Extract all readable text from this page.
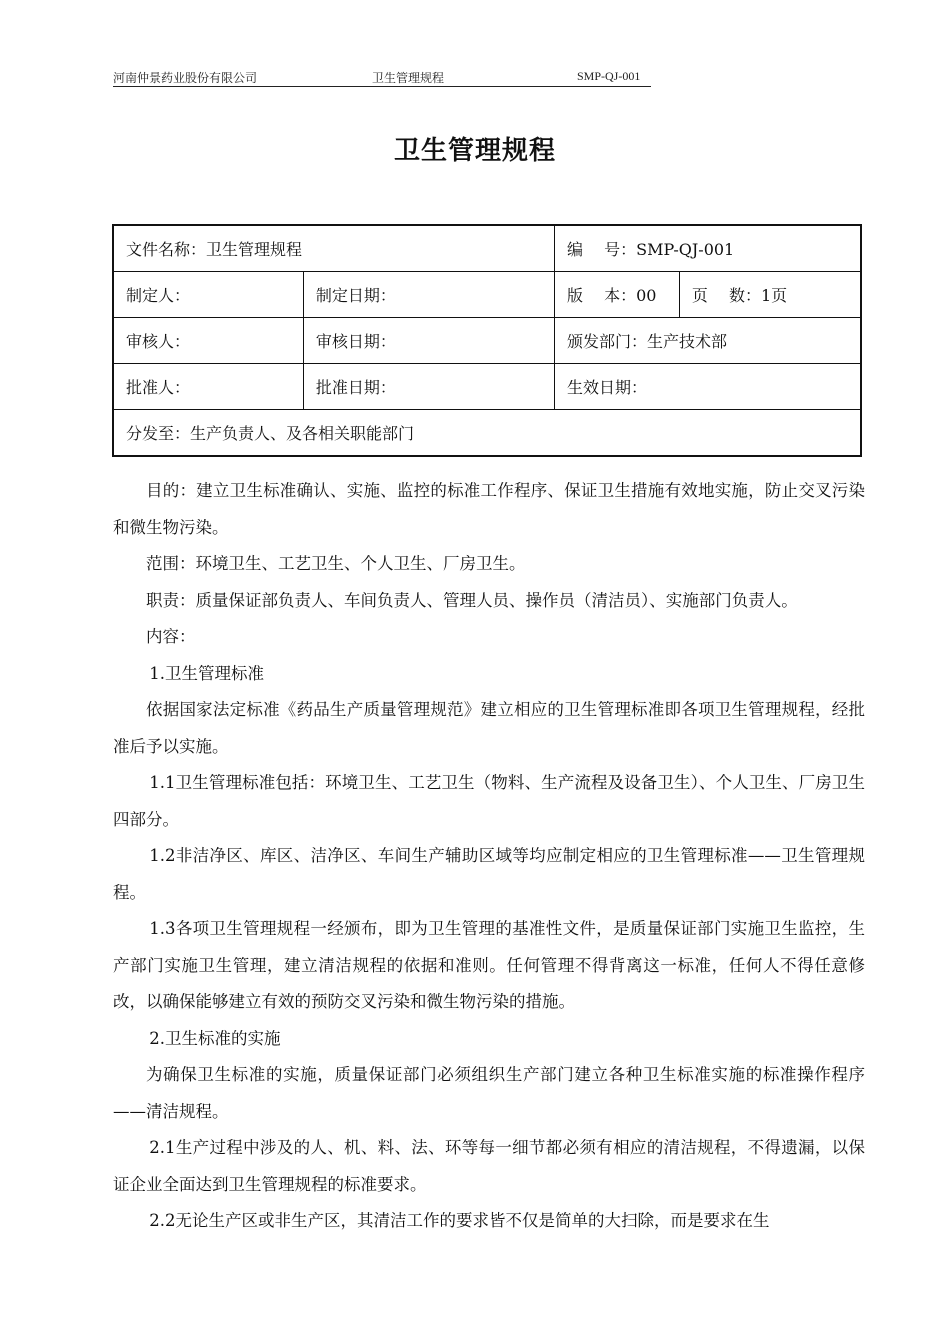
河南仲景药业股份有限公司	卫生管理规程	SMP-QJ-001
卫生管理规程
文件名称：卫生管理规程		编　 号：SMP-QJ-001	
制定人：	制定日期：	版　 本：00	页　 数：1页
审核人：	审核日期：	颁发部门：生产技术部	
批准人：	批准日期：	生效日期：	
分发至：生产负责人、及各相关职能部门			

目的：建立卫生标准确认、实施、监控的标准工作程序、保证卫生措施有效地实施，防止交叉污染和微生物污染。

范围：环境卫生、工艺卫生、个人卫生、厂房卫生。

职责：质量保证部负责人、车间负责人、管理人员、操作员（清洁员）、实施部门负责人。

内容：

1.卫生管理标准

依据国家法定标准《药品生产质量管理规范》建立相应的卫生管理标准即各项卫生管理规程，经批准后予以实施。

1.1卫生管理标准包括：环境卫生、工艺卫生（物料、生产流程及设备卫生）、个人卫生、厂房卫生四部分。

1.2非洁净区、库区、洁净区、车间生产辅助区域等均应制定相应的卫生管理标准——卫生管理规程。

1.3各项卫生管理规程一经颁布，即为卫生管理的基准性文件，是质量保证部门实施卫生监控，生产部门实施卫生管理，建立清洁规程的依据和准则。任何管理不得背离这一标准，任何人不得任意修改，以确保能够建立有效的预防交叉污染和微生物污染的措施。

2.卫生标准的实施

为确保卫生标准的实施，质量保证部门必须组织生产部门建立各种卫生标准实施的标准操作程序——清洁规程。

2.1生产过程中涉及的人、机、料、法、环等每一细节都必须有相应的清洁规程，不得遗漏，以保证企业全面达到卫生管理规程的标准要求。

2.2无论生产区或非生产区，其清洁工作的要求皆不仅是简单的大扫除，而是要求在生
